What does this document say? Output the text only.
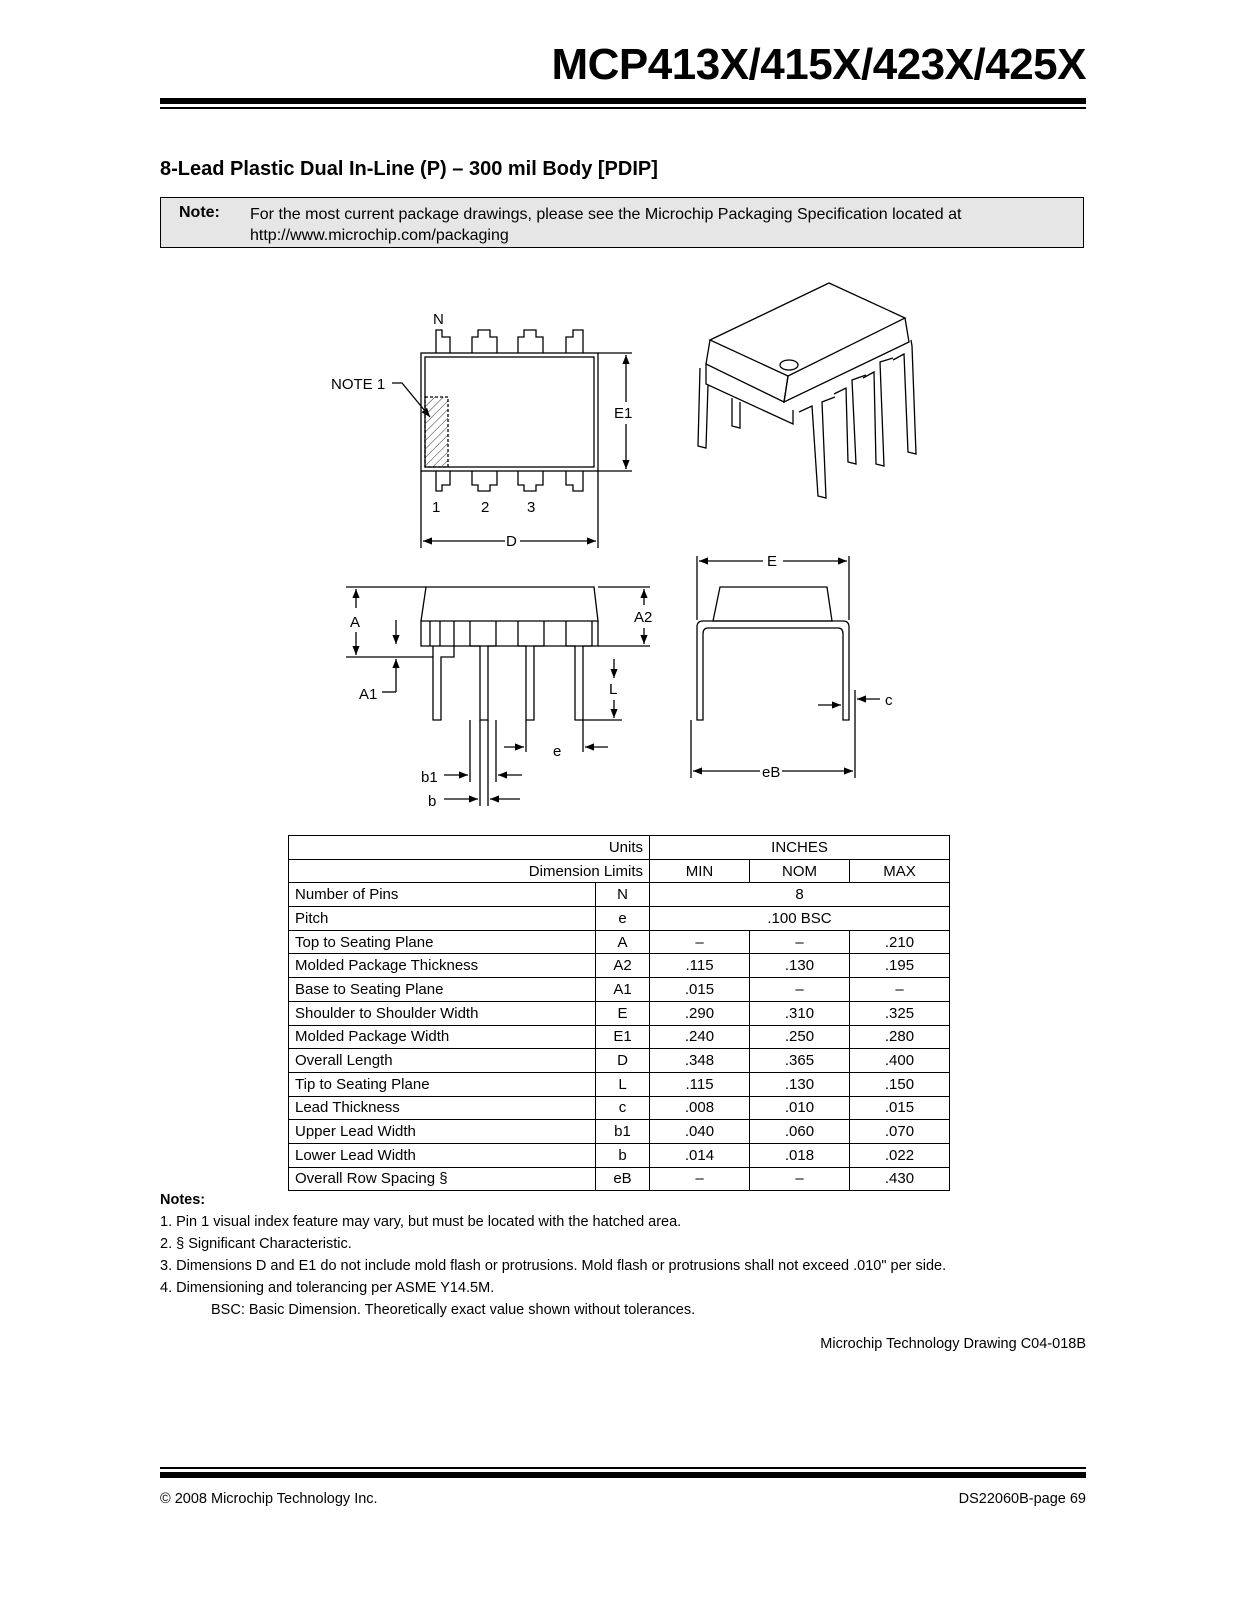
MCP413X/415X/423X/425X
8-Lead Plastic Dual In-Line (P) – 300 mil Body [PDIP]
Note: For the most current package drawings, please see the Microchip Packaging Specification located at
http://www.microchip.com/packaging
N
NOTE 1
E1
1	2	3
D
E
A	A2
A1	L
e
c
eB
b1
b
Units		INCHES		
Dimension Limits		MIN	NOM	MAX
Number of Pins	N	8		
Pitch	e	.100 BSC		
Top to Seating Plane	A	–	–	.210
Molded Package Thickness	A2	.115	.130	.195
Base to Seating Plane	A1	.015	–	–
Shoulder to Shoulder Width	E	.290	.310	.325
Molded Package Width	E1	.240	.250	.280
Overall Length	D	.348	.365	.400
Tip to Seating Plane	L	.115	.130	.150
Lead Thickness	c	.008	.010	.015
Upper Lead Width	b1	.040	.060	.070
Lower Lead Width	b	.014	.018	.022
Overall Row Spacing §	eB	–	–	.430
Notes:
1. Pin 1 visual index feature may vary, but must be located with the hatched area.
2. § Significant Characteristic.
3. Dimensions D and E1 do not include mold flash or protrusions. Mold flash or protrusions shall not exceed .010" per side.
4. Dimensioning and tolerancing per ASME Y14.5M.
BSC: Basic Dimension. Theoretically exact value shown without tolerances.
Microchip Technology Drawing C04-018B
© 2008 Microchip Technology Inc.	DS22060B-page 69
